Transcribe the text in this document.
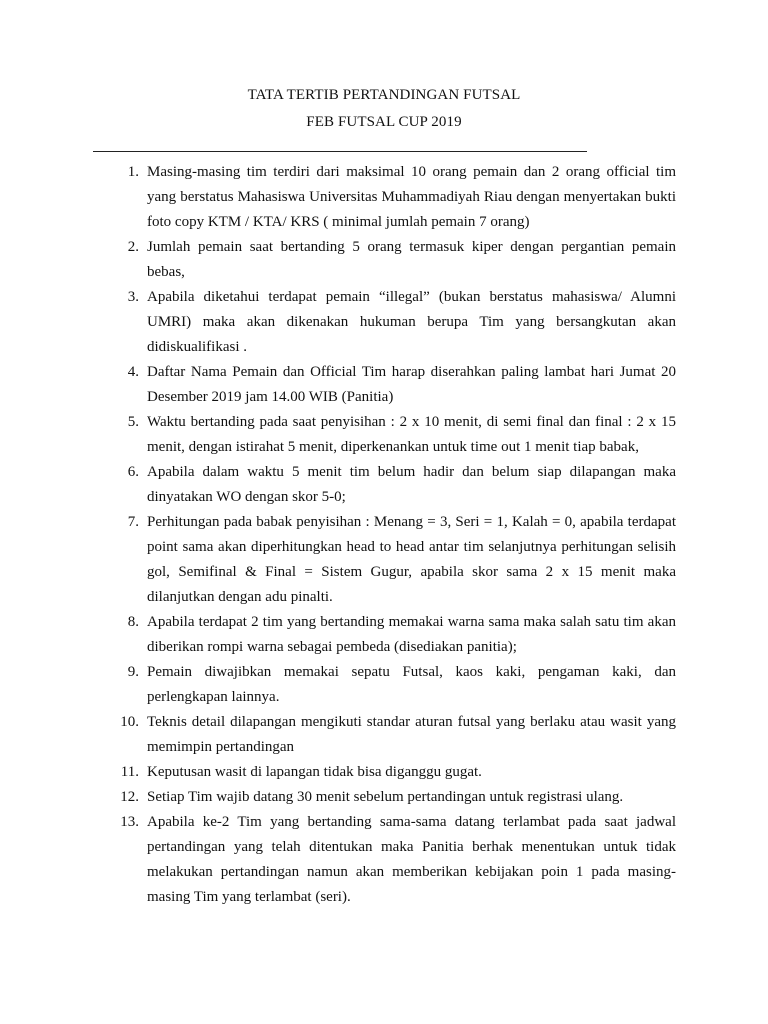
TATA TERTIB PERTANDINGAN FUTSAL
FEB FUTSAL CUP 2019
1. Masing-masing tim terdiri dari maksimal 10 orang pemain dan 2 orang official tim yang berstatus Mahasiswa Universitas Muhammadiyah Riau dengan menyertakan bukti foto copy KTM / KTA/ KRS ( minimal jumlah pemain 7 orang)
2. Jumlah pemain saat bertanding 5 orang termasuk kiper dengan pergantian pemain bebas,
3. Apabila diketahui terdapat pemain “illegal” (bukan berstatus mahasiswa/ Alumni UMRI) maka akan dikenakan hukuman berupa Tim yang bersangkutan akan didiskualifikasi .
4. Daftar Nama Pemain dan Official Tim harap diserahkan paling lambat hari Jumat 20 Desember 2019 jam 14.00 WIB (Panitia)
5. Waktu bertanding pada saat penyisihan : 2 x 10 menit, di semi final dan final : 2 x 15 menit, dengan istirahat 5 menit, diperkenankan untuk time out 1 menit tiap babak,
6. Apabila dalam waktu 5 menit tim belum hadir dan belum siap dilapangan maka dinyatakan WO dengan skor 5-0;
7. Perhitungan pada babak penyisihan : Menang = 3, Seri = 1, Kalah = 0, apabila terdapat point sama akan diperhitungkan head to head antar tim selanjutnya perhitungan selisih gol, Semifinal & Final = Sistem Gugur, apabila skor sama 2 x 15 menit maka dilanjutkan dengan adu pinalti.
8. Apabila terdapat 2 tim yang bertanding memakai warna sama maka salah satu tim akan diberikan rompi warna sebagai pembeda (disediakan panitia);
9. Pemain diwajibkan memakai sepatu Futsal, kaos kaki, pengaman kaki, dan perlengkapan lainnya.
10. Teknis detail dilapangan mengikuti standar aturan futsal yang berlaku atau wasit yang memimpin pertandingan
11. Keputusan wasit di lapangan tidak bisa diganggu gugat.
12. Setiap Tim wajib datang 30 menit sebelum pertandingan untuk registrasi ulang.
13. Apabila ke-2 Tim yang bertanding sama-sama datang terlambat pada saat jadwal pertandingan yang telah ditentukan maka Panitia berhak menentukan untuk tidak melakukan pertandingan namun akan memberikan kebijakan poin 1 pada masing-masing Tim yang terlambat (seri).
